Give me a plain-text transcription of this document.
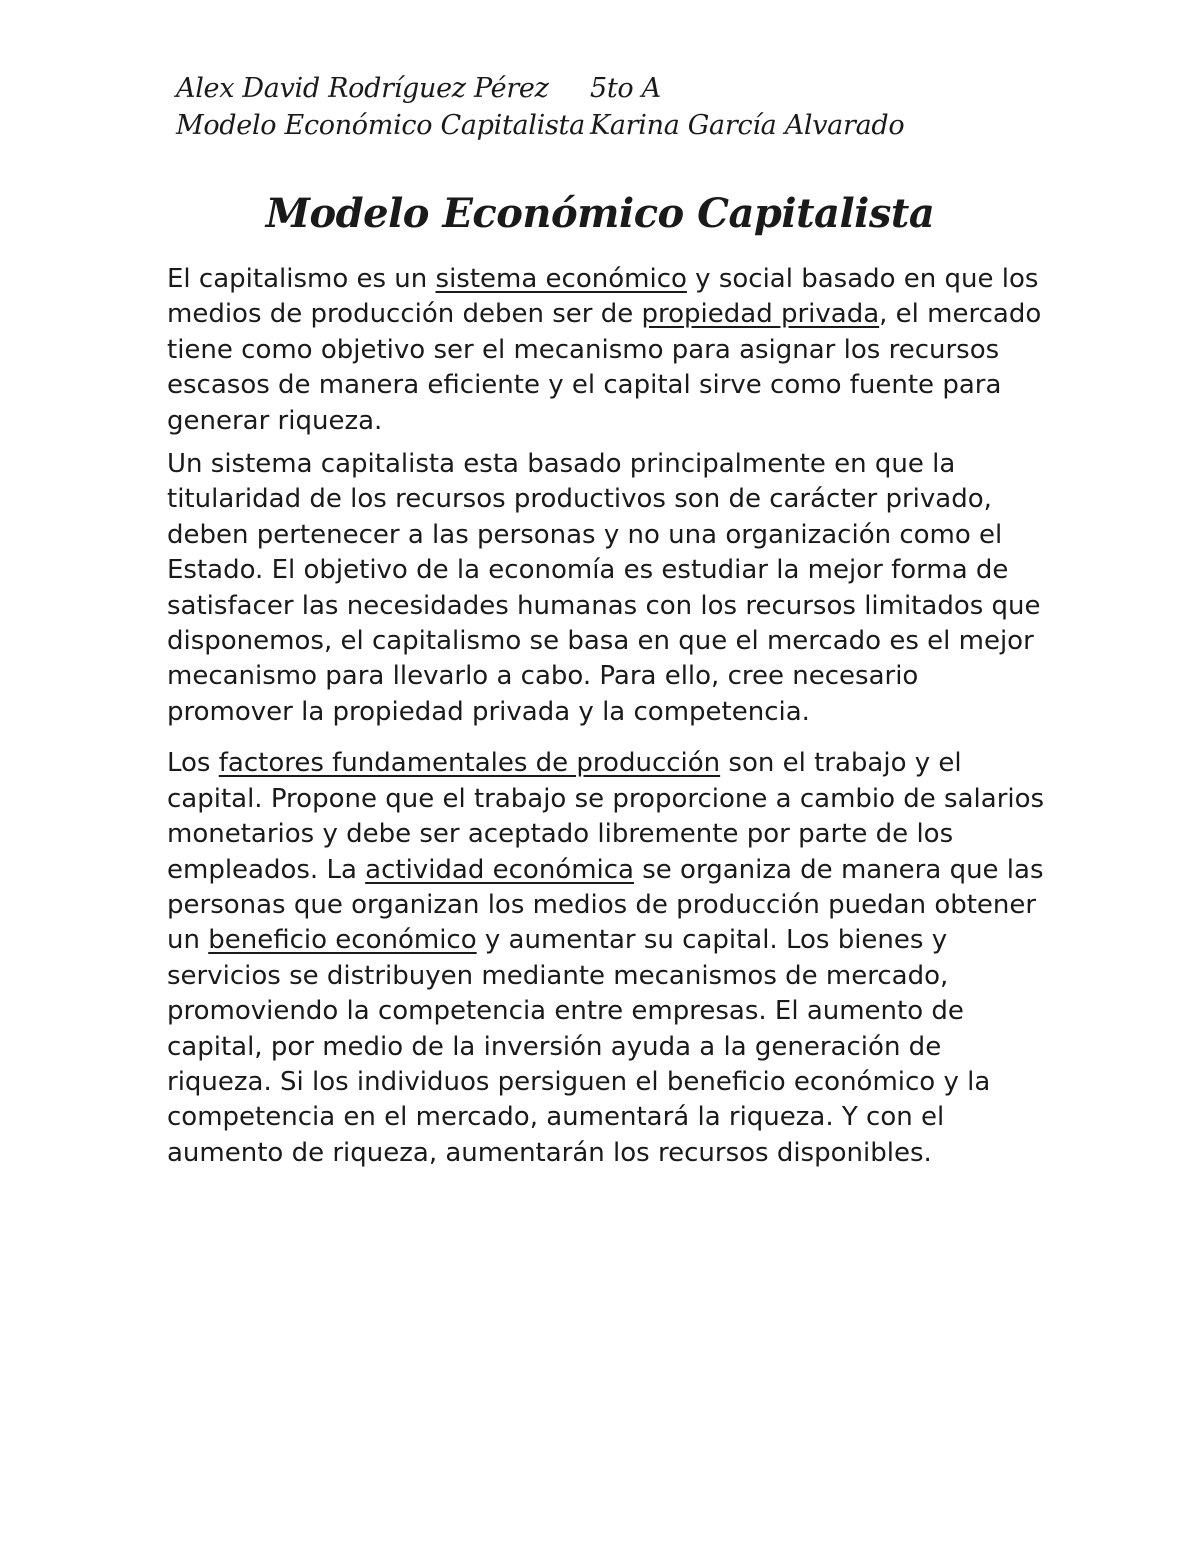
Alex David Rodríguez Pérez	5to A
Modelo Económico Capitalista Karina García Alvarado
Modelo Económico Capitalista

El capitalismo es un sistema económico y social basado en que los medios de producción deben ser de propiedad privada, el mercado tiene como objetivo ser el mecanismo para asignar los recursos escasos de manera eficiente y el capital sirve como fuente para generar riqueza.

Un sistema capitalista esta basado principalmente en que la titularidad de los recursos productivos son de carácter privado, deben pertenecer a las personas y no una organización como el Estado. El objetivo de la economía es estudiar la mejor forma de satisfacer las necesidades humanas con los recursos limitados que disponemos, el capitalismo se basa en que el mercado es el mejor mecanismo para llevarlo a cabo. Para ello, cree necesario promover la propiedad privada y la competencia.

Los factores fundamentales de producción son el trabajo y el capital. Propone que el trabajo se proporcione a cambio de salarios monetarios y debe ser aceptado libremente por parte de los empleados. La actividad económica se organiza de manera que las personas que organizan los medios de producción puedan obtener un beneficio económico y aumentar su capital. Los bienes y servicios se distribuyen mediante mecanismos de mercado, promoviendo la competencia entre empresas. El aumento de capital, por medio de la inversión ayuda a la generación de riqueza. Si los individuos persiguen el beneficio económico y la competencia en el mercado, aumentará la riqueza. Y con el aumento de riqueza, aumentarán los recursos disponibles.
